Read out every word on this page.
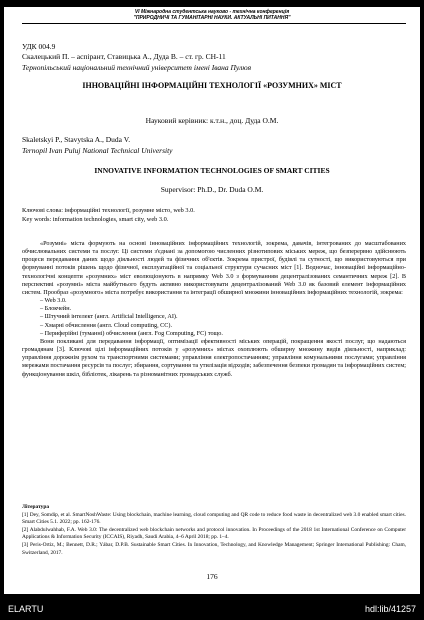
VI Міжнародна студентська науково - технічна конференція
"ПРИРОДНИЧІ ТА ГУМАНІТАРНІ НАУКИ. АКТУАЛЬНІ ПИТАННЯ"
УДК 004.9
Скалецький П. – аспірант, Ставицька А., Дуда В. – ст. гр. СН-11
Тернопільський національний технічний університет імені Івана Пулюя
ІННОВАЦІЙНІ ІНФОРМАЦІЙНІ ТЕХНОЛОГІЇ «РОЗУМНИХ» МІСТ
Науковий керівник: к.т.н., доц. Дуда О.М.
Skaletskyi P., Stavytska A., Duda V.
Ternopil Ivan Puluj National Technical University
INNOVATIVE INFORMATION TECHNOLOGIES OF SMART CITIES
Supervisor: Ph.D., Dr. Duda O.M.
Ключові слова: інформаційні технології, розумне місто, web 3.0.
Key words: information technologies, smart city, web 3.0.

«Розумні» міста формують на основі інноваційних інформаційних технологій, зокрема, давачів, інтегрованих до масштабованих обчислювальних системи та послуг. Ці системи з'єднані за допомогою численних різнотипових міських мереж, що безперервно здійснюють процеси передавання даних щодо діяльності людей та фізичних об'єктів. Зокрема пристрої, будівлі та сутності, що використовуються при формуванні потоків рішень щодо фізичної, експлуатаційної та соціальної структури сучасних міст [1]. Водночас, інноваційні інформаційно-технологічні концепти «розумних» міст еволюціонують в напрямку Web 3.0 з формуванням децентралізованих семантичних мереж [2]. В перспективі «розумні» міста майбутнього будуть активно використовувати децентралізований Web 3.0 як базовий елемент інформаційних систем. Прообраз «розумного» міста потребує використання та інтеграції обширної множини інноваційних інформаційних технологій, зокрема:

– Web 3.0.
– Блокчейн.
– Штучний інтелект (англ. Artificial Intelligence, AI).
– Хмарні обчислення (англ. Cloud computing, CC).
– Периферійні (туманні) обчислення (англ. Fog Computing, FC) тощо.

Вони покликані для передавання інформації, оптимізації ефективності міських операцій, покращення якості послуг, що надаються громадянам [3]. Ключові цілі інформаційних потоків у «розумних» містах охоплюють обширну множину видів діяльності, наприклад: управління дорожнім рухом та транспортними системами; управління електропостачанням; управління комунальними послугами; управління мережами постачання ресурсів та послуг; збирання, сортування та утилізація відходів; забезпечення безпеки громадян та інформаційних систем; функціонування шкіл, бібліотек, лікарень та різноманітних громадських служб.

Література
[1] Dey, Somdip, et al. SmartNoshWaste: Using blockchain, machine learning, cloud computing and QR code to reduce food waste in decentralized web 3.0 enabled smart cities. Smart Cities 5.1. 2022; pp. 162-176.
[2] Alabdulwahhab, F.A. Web 3.0: The decentralized web blockchain networks and protocol innovation. In Proceedings of the 2018 1st International Conference on Computer Applications & Information Security (ICCAIS), Riyadh, Saudi Arabia, 4–6 April 2018; pp. 1–4.
[3] Peris-Ortiz, M.; Bennett, D.R.; Yábar, D.P.B. Sustainable Smart Cities. In Innovation, Technology, and Knowledge Management; Springer International Publishing: Cham, Switzerland, 2017.
176
ELARTU	hdl:lib/41257
